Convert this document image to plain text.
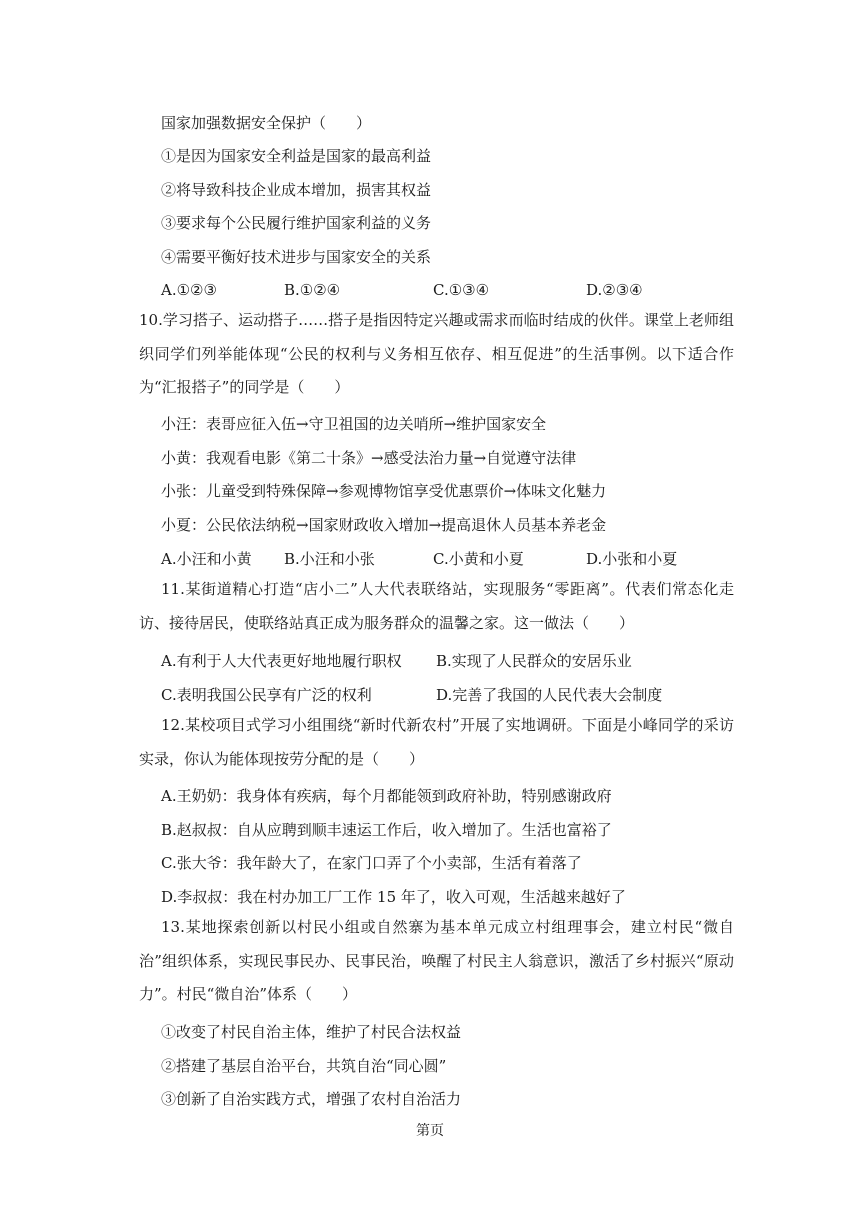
国家加强数据安全保护（　　）
①是因为国家安全利益是国家的最高利益
②将导致科技企业成本增加，损害其权益
③要求每个公民履行维护国家利益的义务
④需要平衡好技术进步与国家安全的关系
A.①②③	B.①②④	C.①③④	D.②③④
10.学习搭子、运动搭子……搭子是指因特定兴趣或需求而临时结成的伙伴。课堂上老师组织同学们列举能体现“公民的权利与义务相互依存、相互促进”的生活事例。以下适合作为“汇报搭子”的同学是（　　）
小汪：表哥应征入伍→守卫祖国的边关哨所→维护国家安全
小黄：我观看电影《第二十条》→感受法治力量→自觉遵守法律
小张：儿童受到特殊保障→参观博物馆享受优惠票价→体味文化魅力
小夏：公民依法纳税→国家财政收入增加→提高退休人员基本养老金
A.小汪和小黄 B.小汪和小张	C.小黄和小夏	D.小张和小夏
11.某街道精心打造“店小二”人大代表联络站，实现服务“零距离”。代表们常态化走访、接待居民，使联络站真正成为服务群众的温馨之家。这一做法（　　）
A.有利于人大代表更好地地履行职权 B.实现了人民群众的安居乐业
C.表明我国公民享有广泛的权利	D.完善了我国的人民代表大会制度
12.某校项目式学习小组围绕“新时代新农村”开展了实地调研。下面是小峰同学的采访实录，你认为能体现按劳分配的是（　　）
A.王奶奶：我身体有疾病，每个月都能领到政府补助，特别感谢政府
B.赵叔叔：自从应聘到顺丰速运工作后，收入增加了。生活也富裕了
C.张大爷：我年龄大了，在家门口弄了个小卖部，生活有着落了
D.李叔叔：我在村办加工厂工作 15 年了，收入可观，生活越来越好了
13.某地探索创新以村民小组或自然寨为基本单元成立村组理事会，建立村民“微自治”组织体系，实现民事民办、民事民治，唤醒了村民主人翁意识，激活了乡村振兴“原动力”。村民“微自治”体系（　　）
①改变了村民自治主体，维护了村民合法权益
②搭建了基层自治平台，共筑自治“同心圆”
③创新了自治实践方式，增强了农村自治活力
第页
